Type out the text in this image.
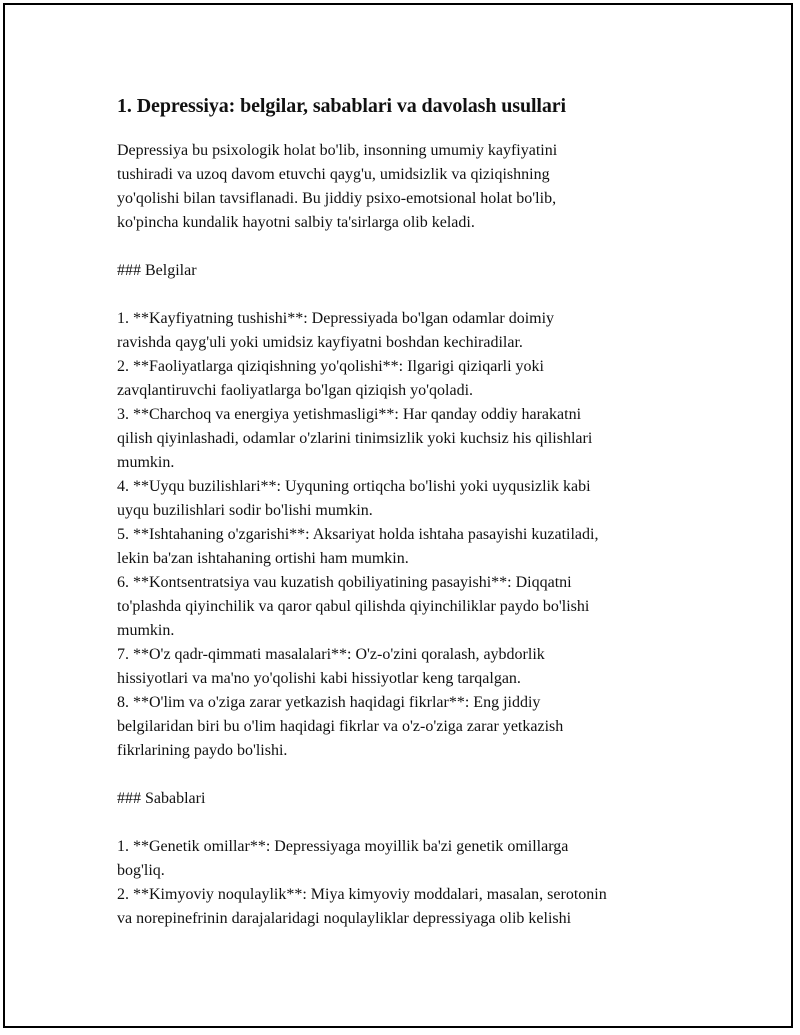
1. Depressiya: belgilar, sabablari va davolash usullari

Depressiya bu psixologik holat bo'lib, insonning umumiy kayfiyatini
tushiradi va uzoq davom etuvchi qayg'u, umidsizlik va qiziqishning
yo'qolishi bilan tavsiflanadi. Bu jiddiy psixo-emotsional holat bo'lib,
ko'pincha kundalik hayotni salbiy ta'sirlarga olib keladi.

### Belgilar

1. **Kayfiyatning tushishi**: Depressiyada bo'lgan odamlar doimiy
ravishda qayg'uli yoki umidsiz kayfiyatni boshdan kechiradilar.

2. **Faoliyatlarga qiziqishning yo'qolishi**: Ilgarigi qiziqarli yoki
zavqlantiruvchi faoliyatlarga bo'lgan qiziqish yo'qoladi.

3. **Charchoq va energiya yetishmasligi**: Har qanday oddiy harakatni
qilish qiyinlashadi, odamlar o'zlarini tinimsizlik yoki kuchsiz his qilishlari
mumkin.

4. **Uyqu buzilishlari**: Uyquning ortiqcha bo'lishi yoki uyqusizlik kabi
uyqu buzilishlari sodir bo'lishi mumkin.

5. **Ishtahaning o'zgarishi**: Aksariyat holda ishtaha pasayishi kuzatiladi,
lekin ba'zan ishtahaning ortishi ham mumkin.

6. **Kontsentratsiya vau kuzatish qobiliyatining pasayishi**: Diqqatni
to'plashda qiyinchilik va qaror qabul qilishda qiyinchiliklar paydo bo'lishi
mumkin.

7. **O'z qadr-qimmati masalalari**: O'z-o'zini qoralash, aybdorlik
hissiyotlari va ma'no yo'qolishi kabi hissiyotlar keng tarqalgan.

8. **O'lim va o'ziga zarar yetkazish haqidagi fikrlar**: Eng jiddiy
belgilaridan biri bu o'lim haqidagi fikrlar va o'z-o'ziga zarar yetkazish
fikrlarining paydo bo'lishi.

### Sabablari

1. **Genetik omillar**: Depressiyaga moyillik ba'zi genetik omillarga
bog'liq.

2. **Kimyoviy noqulaylik**: Miya kimyoviy moddalari, masalan, serotonin
va norepinefrinin darajalaridagi noqulayliklar depressiyaga olib kelishi
